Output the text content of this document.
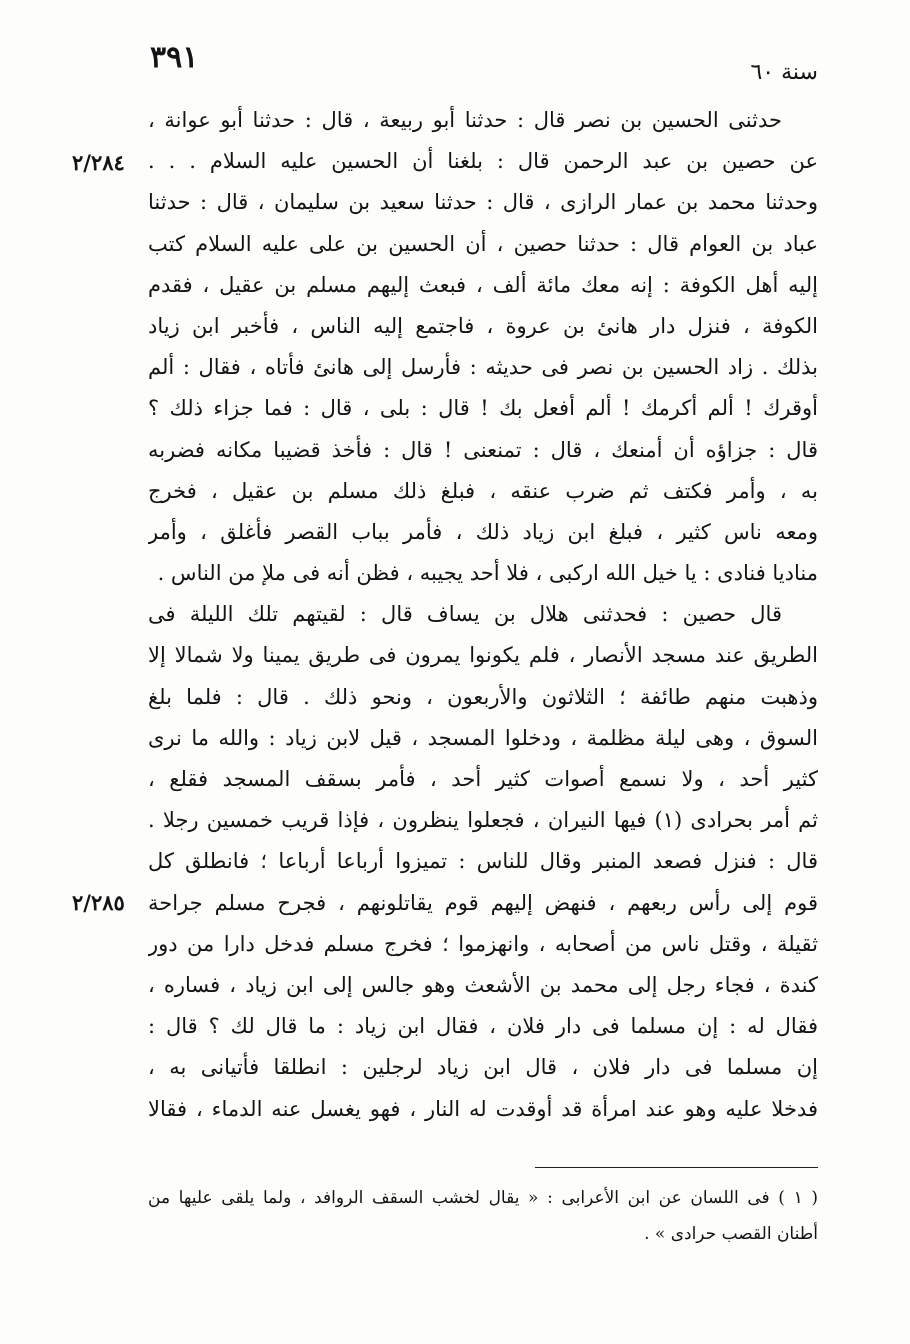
٣٩١	سنة ٦٠
٢/٢٨٤
٢/٢٨٥
حدثنى الحسين بن نصر قال : حدثنا أبو ربيعة ، قال : حدثنا أبو عوانة ،
عن حصين بن عبد الرحمن قال : بلغنا أن الحسين عليه السلام . . .
وحدثنا محمد بن عمار الرازى ، قال : حدثنا سعيد بن سليمان ، قال : حدثنا
عباد بن العوام قال : حدثنا حصين ، أن الحسين بن على عليه السلام كتب
إليه أهل الكوفة : إنه معك مائة ألف ، فبعث إليهم مسلم بن عقيل ، فقدم
الكوفة ، فنزل دار هانئ بن عروة ، فاجتمع إليه الناس ، فأخبر ابن زياد
بذلك . زاد الحسين بن نصر فى حديثه : فأرسل إلى هانئ فأتاه ، فقال : ألم
أوقرك ! ألم أكرمك ! ألم أفعل بك ! قال : بلى ، قال : فما جزاء ذلك ؟
قال : جزاؤه أن أمنعك ، قال : تمنعنى ! قال : فأخذ قضيبا مكانه فضربه
به ، وأمر فكتف ثم ضرب عنقه ، فبلغ ذلك مسلم بن عقيل ، فخرج
ومعه ناس كثير ، فبلغ ابن زياد ذلك ، فأمر بباب القصر فأغلق ، وأمر
مناديا فنادى : يا خيل الله اركبى ، فلا أحد يجيبه ، فظن أنه فى ملإ من الناس .
قال حصين : فحدثنى هلال بن يساف قال : لقيتهم تلك الليلة فى
الطريق عند مسجد الأنصار ، فلم يكونوا يمرون فى طريق يمينا ولا شمالا إلا
وذهبت منهم طائفة ؛ الثلاثون والأربعون ، ونحو ذلك . قال : فلما بلغ
السوق ، وهى ليلة مظلمة ، ودخلوا المسجد ، قيل لابن زياد : والله ما نرى
كثير أحد ، ولا نسمع أصوات كثير أحد ، فأمر بسقف المسجد فقلع ،
ثم أمر بحرادى (١) فيها النيران ، فجعلوا ينظرون ، فإذا قريب خمسين رجلا .
قال : فنزل فصعد المنبر وقال للناس : تميزوا أرباعا أرباعا ؛ فانطلق كل
قوم إلى رأس ربعهم ، فنهض إليهم قوم يقاتلونهم ، فجرح مسلم جراحة
ثقيلة ، وقتل ناس من أصحابه ، وانهزموا ؛ فخرج مسلم فدخل دارا من دور
كندة ، فجاء رجل إلى محمد بن الأشعث وهو جالس إلى ابن زياد ، فساره ،
فقال له : إن مسلما فى دار فلان ، فقال ابن زياد : ما قال لك ؟ قال :
إن مسلما فى دار فلان ، قال ابن زياد لرجلين : انطلقا فأتيانى به ،
فدخلا عليه وهو عند امرأة قد أوقدت له النار ، فهو يغسل عنه الدماء ، فقالا
( ١ ) فى اللسان عن ابن الأعرابى : « يقال لخشب السقف الروافد ، ولما يلقى عليها من
أطنان القصب حرادى » .
